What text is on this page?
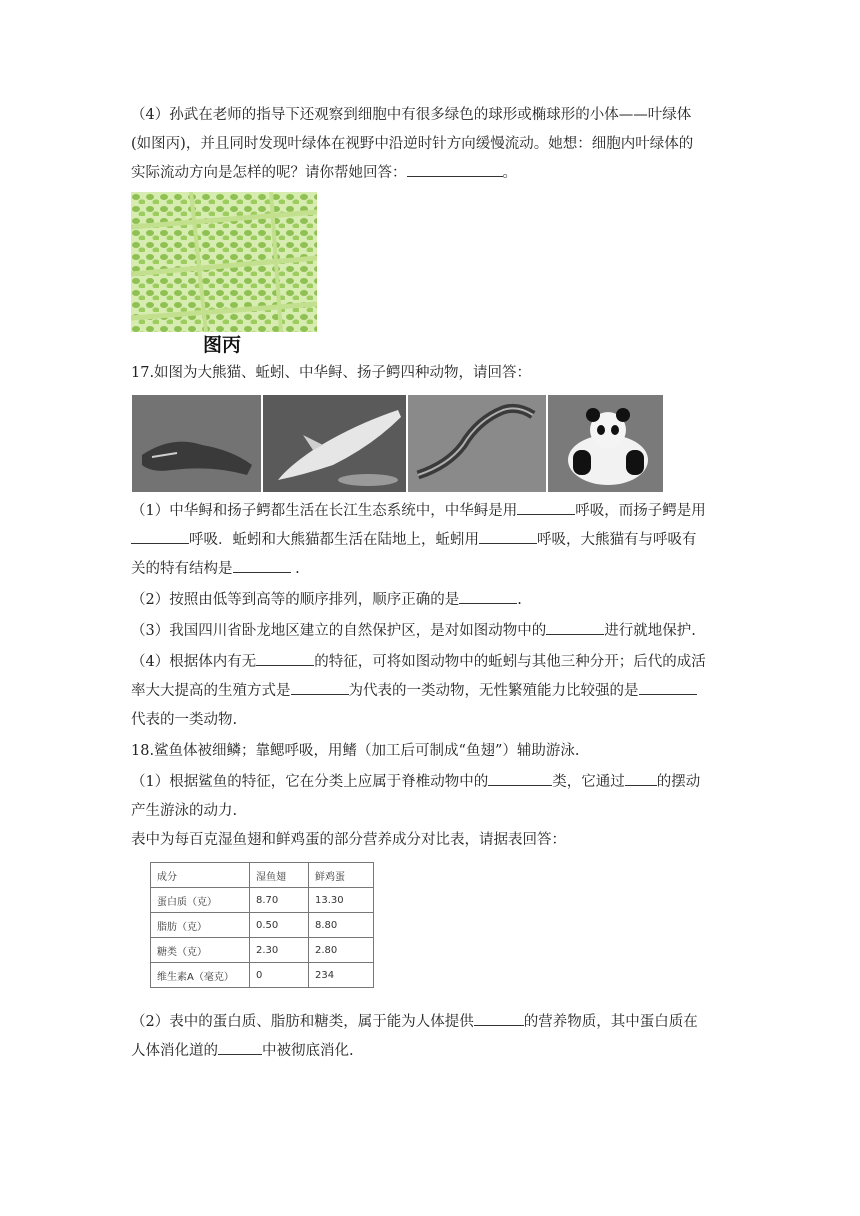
（4）孙武在老师的指导下还观察到细胞中有很多绿色的球形或椭球形的小体——叶绿体

(如图丙)，并且同时发现叶绿体在视野中沿逆时针方向缓慢流动。她想：细胞内叶绿体的

实际流动方向是怎样的呢？请你帮她回答：	。

图丙

17.如图为大熊猫、蚯蚓、中华鲟、扬子鳄四种动物，请回答：

（1）中华鲟和扬子鳄都生活在长江生态系统中，中华鲟是用	呼吸，而扬子鳄是用

呼吸．蚯蚓和大熊猫都生活在陆地上，蚯蚓用	呼吸，大熊猫有与呼吸有

关的特有结构是	.

（2）按照由低等到高等的顺序排列，顺序正确的是	.

（3）我国四川省卧龙地区建立的自然保护区，是对如图动物中的	进行就地保护.

（4）根据体内有无	的特征，可将如图动物中的蚯蚓与其他三种分开；后代的成活

率大大提高的生殖方式是	为代表的一类动物，无性繁殖能力比较强的是

代表的一类动物.

18.鲨鱼体被细鳞；靠鳃呼吸，用鳍（加工后可制成“鱼翅”）辅助游泳.

（1）根据鲨鱼的特征，它在分类上应属于脊椎动物中的	类，它通过 的摆动

产生游泳的动力.

表中为每百克湿鱼翅和鲜鸡蛋的部分营养成分对比表，请据表回答：

成分	湿鱼翅	鲜鸡蛋
蛋白质（克）	8.70	13.30
脂肪（克）	0.50	8.80
糖类（克）	2.30	2.80
维生素A（毫克）	0	234

（2）表中的蛋白质、脂肪和糖类，属于能为人体提供	的营养物质，其中蛋白质在

人体消化道的	中被彻底消化.
